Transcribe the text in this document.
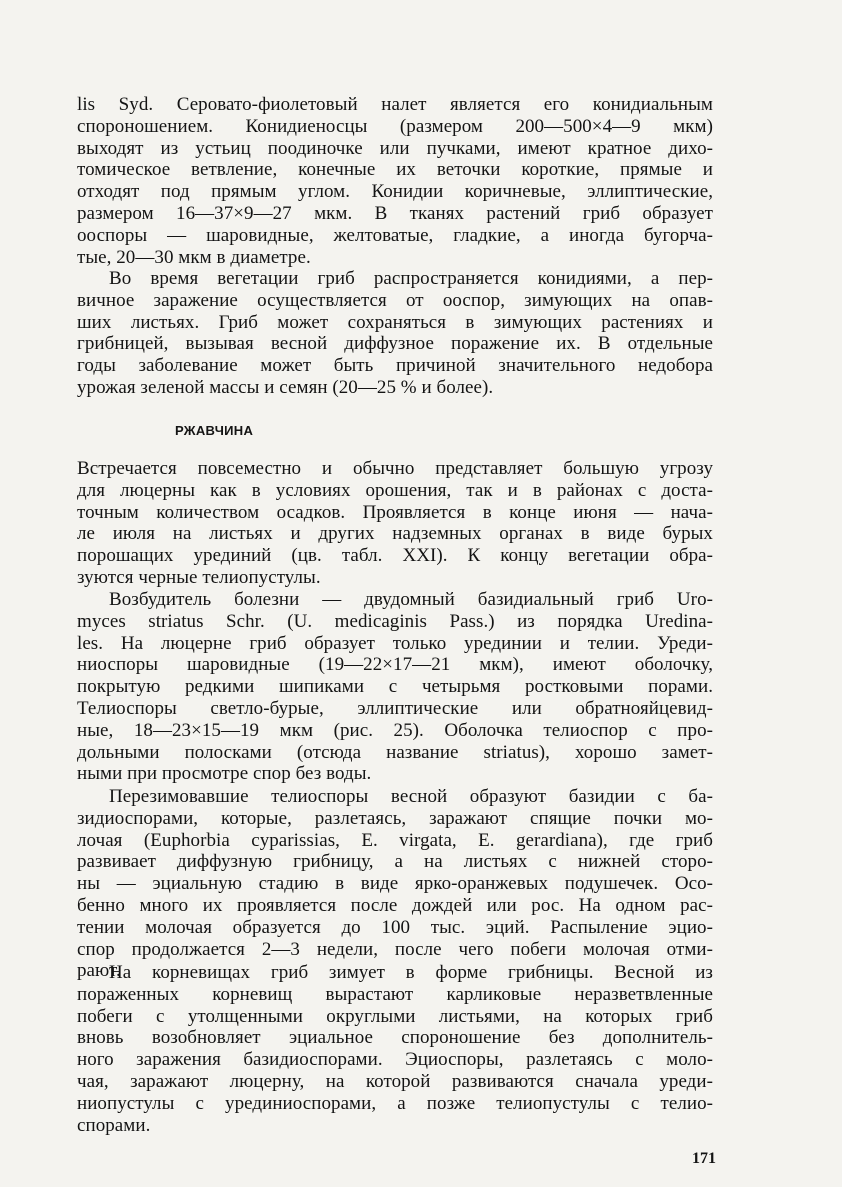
lis Syd. Серовато-фиолетовый налет является его конидиальным
спороношением. Конидиеносцы (размером 200—500×4—9 мкм)
выходят из устьиц поодиночке или пучками, имеют кратное дихо-
томическое ветвление, конечные их веточки короткие, прямые и
отходят под прямым углом. Конидии коричневые, эллиптические,
размером 16—37×9—27 мкм. В тканях растений гриб образует
ооспоры — шаровидные, желтоватые, гладкие, а иногда бугорча-
тые, 20—30 мкм в диаметре.
Во время вегетации гриб распространяется конидиями, а пер-
вичное заражение осуществляется от ооспор, зимующих на опав-
ших листьях. Гриб может сохраняться в зимующих растениях и
грибницей, вызывая весной диффузное поражение их. В отдельные
годы заболевание может быть причиной значительного недобора
урожая зеленой массы и семян (20—25 % и более).

РЖАВЧИНА

Встречается повсеместно и обычно представляет большую угрозу
для люцерны как в условиях орошения, так и в районах с доста-
точным количеством осадков. Проявляется в конце июня — нача-
ле июля на листьях и других надземных органах в виде бурых
порошащих урединий (цв. табл. XXI). К концу вегетации обра-
зуются черные телиопустулы.
Возбудитель болезни — двудомный базидиальный гриб Uro-
myces striatus Schr. (U. medicaginis Pass.) из порядка Uredina-
les. На люцерне гриб образует только урединии и телии. Уреди-
ниоспоры шаровидные (19—22×17—21 мкм), имеют оболочку,
покрытую редкими шипиками с четырьмя ростковыми порами.
Телиоспоры светло-бурые, эллиптические или обратнояйцевид-
ные, 18—23×15—19 мкм (рис. 25). Оболочка телиоспор с про-
дольными полосками (отсюда название striatus), хорошо замет-
ными при просмотре спор без воды.
Перезимовавшие телиоспоры весной образуют базидии с ба-
зидиоспорами, которые, разлетаясь, заражают спящие почки мо-
лочая (Euphorbia cyparissias, E. virgata, E. gerardiana), где гриб
развивает диффузную грибницу, а на листьях с нижней сторо-
ны — эциальную стадию в виде ярко-оранжевых подушечек. Осо-
бенно много их проявляется после дождей или рос. На одном рас-
тении молочая образуется до 100 тыс. эций. Распыление эцио-
спор продолжается 2—3 недели, после чего побеги молочая отми-
рают.
На корневищах гриб зимует в форме грибницы. Весной из
пораженных корневищ вырастают карликовые неразветвленные
побеги с утолщенными округлыми листьями, на которых гриб
вновь возобновляет эциальное спороношение без дополнитель-
ного заражения базидиоспорами. Эциоспоры, разлетаясь с моло-
чая, заражают люцерну, на которой развиваются сначала уреди-
ниопустулы с урединиоспорами, а позже телиопустулы с телио-
спорами.

171
